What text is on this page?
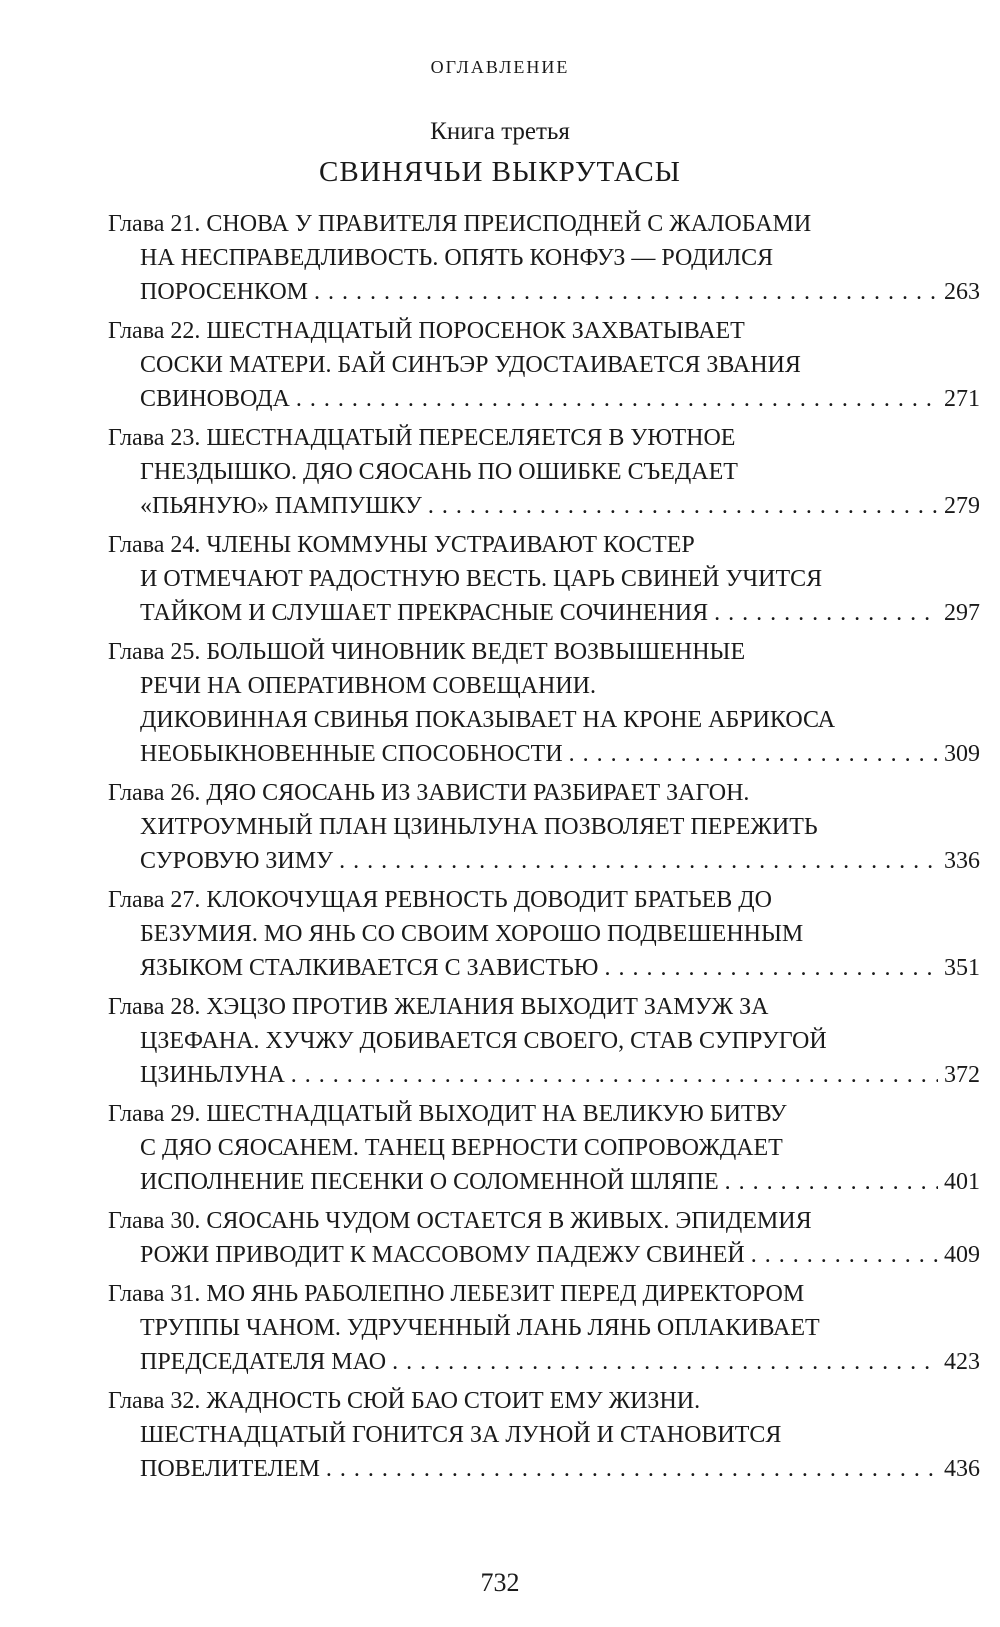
оглавление
Книга третья
СВИНЯЧЬИ ВЫКРУТАСЫ
Глава 21. СНОВА У ПРАВИТЕЛЯ ПРЕИСПОДНЕЙ С ЖАЛОБАМИ
НА НЕСПРАВЕДЛИВОСТЬ. ОПЯТЬ КОНФУЗ — РОДИЛСЯ
ПОРОСЕНКОМ . . .	263
Глава 22. ШЕСТНАДЦАТЫЙ ПОРОСЕНОК ЗАХВАТЫВАЕТ
СОСКИ МАТЕРИ. БАЙ СИНЪЭР УДОСТАИВАЕТСЯ ЗВАНИЯ
СВИНОВОДА . . .	271
Глава 23. ШЕСТНАДЦАТЫЙ ПЕРЕСЕЛЯЕТСЯ В УЮТНОЕ
ГНЕЗДЫШКО. ДЯО СЯОСАНЬ ПО ОШИБКЕ СЪЕДАЕТ
«ПЬЯНУЮ» ПАМПУШКУ . . .	279
Глава 24. ЧЛЕНЫ КОММУНЫ УСТРАИВАЮТ КОСТЕР
И ОТМЕЧАЮТ РАДОСТНУЮ ВЕСТЬ. ЦАРЬ СВИНЕЙ УЧИТСЯ
ТАЙКОМ И СЛУШАЕТ ПРЕКРАСНЫЕ СОЧИНЕНИЯ . . .	297
Глава 25. БОЛЬШОЙ ЧИНОВНИК ВЕДЕТ ВОЗВЫШЕННЫЕ
РЕЧИ НА ОПЕРАТИВНОМ СОВЕЩАНИИ.
ДИКОВИННАЯ СВИНЬЯ ПОКАЗЫВАЕТ НА КРОНЕ АБРИКОСА
НЕОБЫКНОВЕННЫЕ СПОСОБНОСТИ . . .	309
Глава 26. ДЯО СЯОСАНЬ ИЗ ЗАВИСТИ РАЗБИРАЕТ ЗАГОН.
ХИТРОУМНЫЙ ПЛАН ЦЗИНЬЛУНА ПОЗВОЛЯЕТ ПЕРЕЖИТЬ
СУРОВУЮ ЗИМУ . . .	336
Глава 27. КЛОКОЧУЩАЯ РЕВНОСТЬ ДОВОДИТ БРАТЬЕВ ДО
БЕЗУМИЯ. МО ЯНЬ СО СВОИМ ХОРОШО ПОДВЕШЕННЫМ
ЯЗЫКОМ СТАЛКИВАЕТСЯ С ЗАВИСТЬЮ . . .	351
Глава 28. ХЭЦЗО ПРОТИВ ЖЕЛАНИЯ ВЫХОДИТ ЗАМУЖ ЗА
ЦЗЕФАНА. ХУЧЖУ ДОБИВАЕТСЯ СВОЕГО, СТАВ СУПРУГОЙ
ЦЗИНЬЛУНА . . .	372
Глава 29. ШЕСТНАДЦАТЫЙ ВЫХОДИТ НА ВЕЛИКУЮ БИТВУ
С ДЯО СЯОСАНЕМ. ТАНЕЦ ВЕРНОСТИ СОПРОВОЖДАЕТ
ИСПОЛНЕНИЕ ПЕСЕНКИ О СОЛОМЕННОЙ ШЛЯПЕ . . .	401
Глава 30. СЯОСАНЬ ЧУДОМ ОСТАЕТСЯ В ЖИВЫХ. ЭПИДЕМИЯ
РОЖИ ПРИВОДИТ К МАССОВОМУ ПАДЕЖУ СВИНЕЙ . . .	409
Глава 31. МО ЯНЬ РАБОЛЕПНО ЛЕБЕЗИТ ПЕРЕД ДИРЕКТОРОМ
ТРУППЫ ЧАНОМ. УДРУЧЕННЫЙ ЛАНЬ ЛЯНЬ ОПЛАКИВАЕТ
ПРЕДСЕДАТЕЛЯ МАО . . .	423
Глава 32. ЖАДНОСТЬ СЮЙ БАО СТОИТ ЕМУ ЖИЗНИ.
ШЕСТНАДЦАТЫЙ ГОНИТСЯ ЗА ЛУНОЙ И СТАНОВИТСЯ
ПОВЕЛИТЕЛЕМ . . .	436
732
